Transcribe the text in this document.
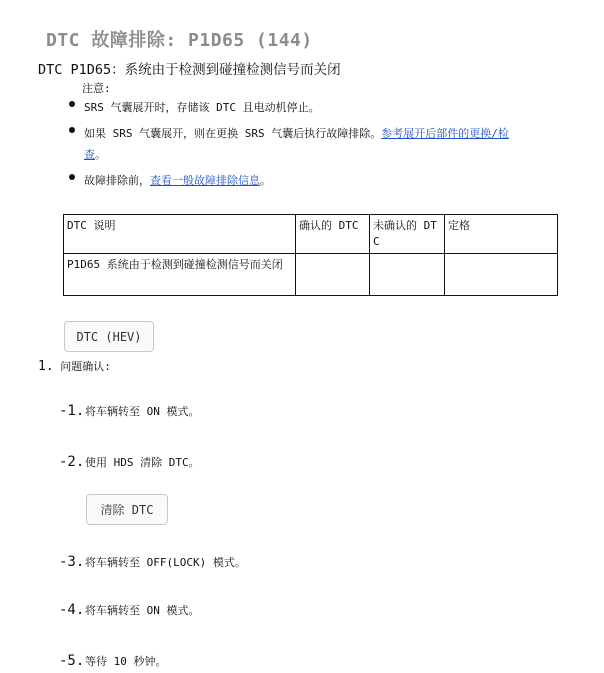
DTC 故障排除: P1D65 (144)
DTC P1D65：系统由于检测到碰撞检测信号而关闭
注意:
SRS 气囊展开时，存储该 DTC 且电动机停止。
如果 SRS 气囊展开，则在更换 SRS 气囊后执行故障排除。参考展开后部件的更换/检
查。
故障排除前，查看一般故障排除信息。
DTC 说明	确认的 DTC	未确认的 DTC	定格
P1D65 系统由于检测到碰撞检测信号而关闭			
DTC (HEV)
1. 问题确认:
-1.将车辆转至 ON 模式。
-2.使用 HDS 清除 DTC。
清除 DTC
-3.将车辆转至 OFF(LOCK) 模式。
-4.将车辆转至 ON 模式。
-5.等待 10 秒钟。
